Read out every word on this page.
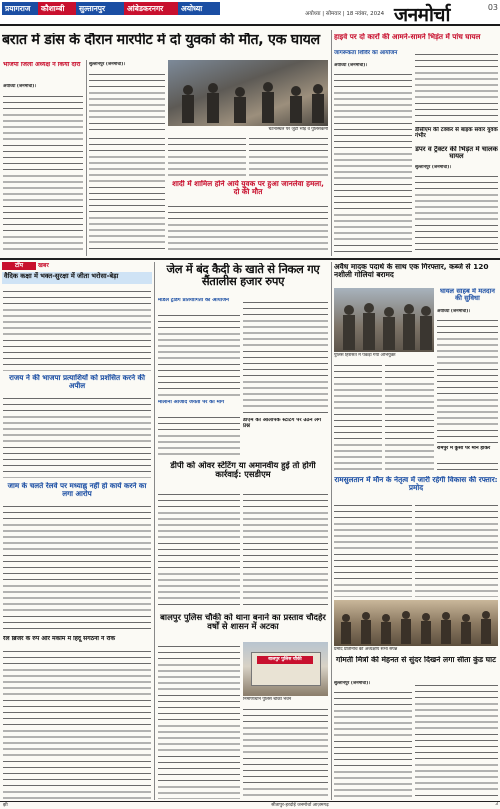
प्रयागराज	कौशाम्बी	सुल्तानपुर	आंबेडकरनगर	अयोध्या
अयोध्या | सोमवार | 18 नवंबर, 2024 जनमोर्चा	03
बरात में डांस के दौरान मारपीट में दो युवकों की मौत, एक घायल
भाजपा जिला अध्यक्ष ने किया दौरा
अयोध्या (जनमोर्चा)।
सुल्तानपुर (जनमोर्चा)।
घटनास्थल पर जुटी भीड़ व पुलिसकर्मी
शादी में शामिल होने आये युवक पर हुआ जानलेवा हमला, दो की मौत
हाइवे पर दो कारों की आमने-सामने भिड़ंत में पांच घायल
जागरूकता शिविर का आयोजन
अयोध्या (जनमोर्चा)।
डीसीएम की टक्कर से बाइक सवार युवक गंभीर
डंपर व ट्रैक्टर की भिड़ंत में चालक घायल
सुल्तानपुर (जनमोर्चा)।
टॉप	खबर
वैदिक कक्षा में भक्त-सुरक्षा में जीता भरोसा-बेड़ा
राजय ने की भाजपा प्रत्याशियों को प्रशंसित करने की अपील
जाम के चलते रेलवे पर मध्याह्न नहीं हो कार्य करने का लगा आरोप
रेल ब्रिजर के रुप और मकाम में हिंदू संगठनों ने रोक
जेल में बंद कैदी के खाते से निकल गए सैंतालीस हजार रुपए
मॉडल ट्रेडिंग प्रतियोगिता का आयोजन
मौलाना आजाद जयंती पर की मांग
डीएम की ओलंपिक स्टेटिंग पर उठने लगे प्रश्न
डीपी को ओवर स्टेटिंग या अमानवीय हुई तो होगी कार्रवाई: एसडीएम
बालपुर पुलिस चौकी को थाना बनाने का प्रस्ताव चौदहेर वर्षों से शासन में अटका
बालपुर पुलिस चौकी
निर्माणाधीन पुलिस चौकी भवन
अवैध मादक पदार्थ के साथ एक गिरफ्तार, कब्जे से 120 नशीली गोलियां बरामद
पुलिस हिरासत में पकड़ा गया अभियुक्त
घायल साहब में मतदान की सुविधा
अयोध्या (जनमोर्चा)।
रामपुर में कुर्सी पर मौन होकर
रामसुलतान में मौन के नेतृत्व में जारी रहेगी विकास की रफ्तार: प्रमोद
प्रमोद प्रतिनिधि की अध्यक्षीय सभा संपन्न
गोमती मित्रों की मेहनत से सुंदर दिखने लगा सीता कुंड घाट
सुल्तानपुर (जनमोर्चा)।
झी	सीतापुर-हरदोई जनमोर्चा आज़मगढ़	3
